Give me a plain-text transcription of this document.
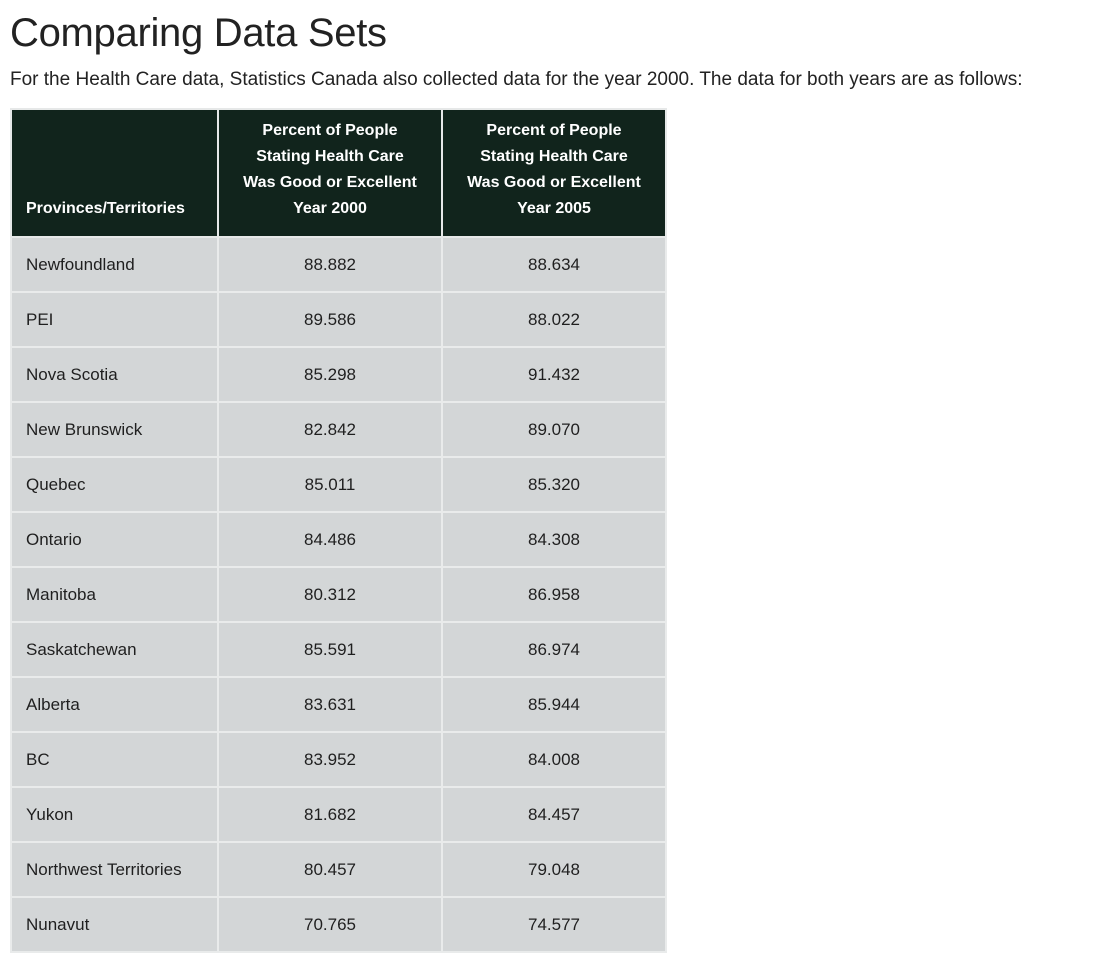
Comparing Data Sets

For the Health Care data, Statistics Canada also collected data for the year 2000. The data for both years are as follows:

Provinces/Territories	Percent of People
Stating Health Care
Was Good or Excellent
Year 2000	Percent of People
Stating Health Care
Was Good or Excellent
Year 2005

Newfoundland	88.882	88.634
PEI	89.586	88.022
Nova Scotia	85.298	91.432
New Brunswick	82.842	89.070
Quebec	85.011	85.320
Ontario	84.486	84.308
Manitoba	80.312	86.958
Saskatchewan	85.591	86.974
Alberta	83.631	85.944
BC	83.952	84.008
Yukon	81.682	84.457
Northwest Territories	80.457	79.048
Nunavut	70.765	74.577
